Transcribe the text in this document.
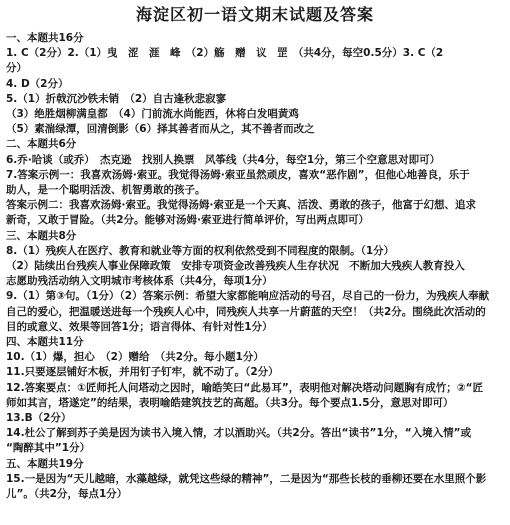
海淀区初一语文期末试题及答案
一、本题共16分
1. C（2分）2.（1）曳　涩　涯　峰　（2）觞　赠　议　罡　（共4分，每空0.5分）3. C（2
分）
4. D（2分）
5.（1）折戟沉沙铁未销　（2）自古逢秋悲寂寥
（3）绝胜烟柳满皇都　（4）门前流水尚能西，休将白发唱黄鸡
（5）素湍绿潭，回清倒影（6）择其善者而从之，其不善者而改之
二、本题共6分
6.乔·哈谈（或乔）　杰克逊　找别人换票　风筝线（共4分，每空1分，第三个空意思对即可）
7.答案示例一：我喜欢汤姆·索亚。我觉得汤姆·索亚虽然顽皮，喜欢“恶作剧”，但他心地善良，乐于
助人，是一个聪明活泼、机智勇敢的孩子。
答案示例二：我喜欢汤姆·索亚。我觉得汤姆·索亚是一个天真、活泼、勇敢的孩子，他富于幻想、追求
新奇，又敢于冒险。（共2分。能够对汤姆·索亚进行简单评价，写出两点即可）
三、本题共8分
8.（1）残疾人在医疗、教育和就业等方面的权利依然受到不同程度的限制。（1分）
（2）陆续出台残疾人事业保障政策　安排专项资金改善残疾人生存状况　不断加大残疾人教育投入
志愿助残活动纳入文明城市考核体系（共4分，每项1分）
9.（1）第③句。（1分）（2）答案示例：希望大家都能响应活动的号召，尽自己的一份力，为残疾人奉献
自己的爱心，把温暖送进每一个残疾人心中，同残疾人共享一片蔚蓝的天空！（共2分。围绕此次活动的
目的或意义、效果等回答1分；语言得体、有针对性1分）
四、本题共11分
10.（1）爆，担心　（2）赠给　（共2分。每小题1分）
11.只要逐层铺好木板，并用钉子钉牢，就不动了。（2分）
12.答案要点：①匠师托人问塔动之因时，喻皓笑曰“此易耳”，表明他对解决塔动问题胸有成竹；②“匠
师如其言，塔遂定”的结果，表明喻皓建筑技艺的高超。（共3分。每个要点1.5分，意思对即可）
13.B（2分）
14.杜公了解到苏子美是因为读书入境入情，才以酒助兴。（共2分。答出“读书”1分，“入境入情”或
“陶醉其中”1分）
五、本题共19分
15.一是因为“天儿越暗，水藻越绿，就凭这些绿的精神”，二是因为“那些长枝的垂柳还要在水里照个影
儿”。（共2分，每点1分）
